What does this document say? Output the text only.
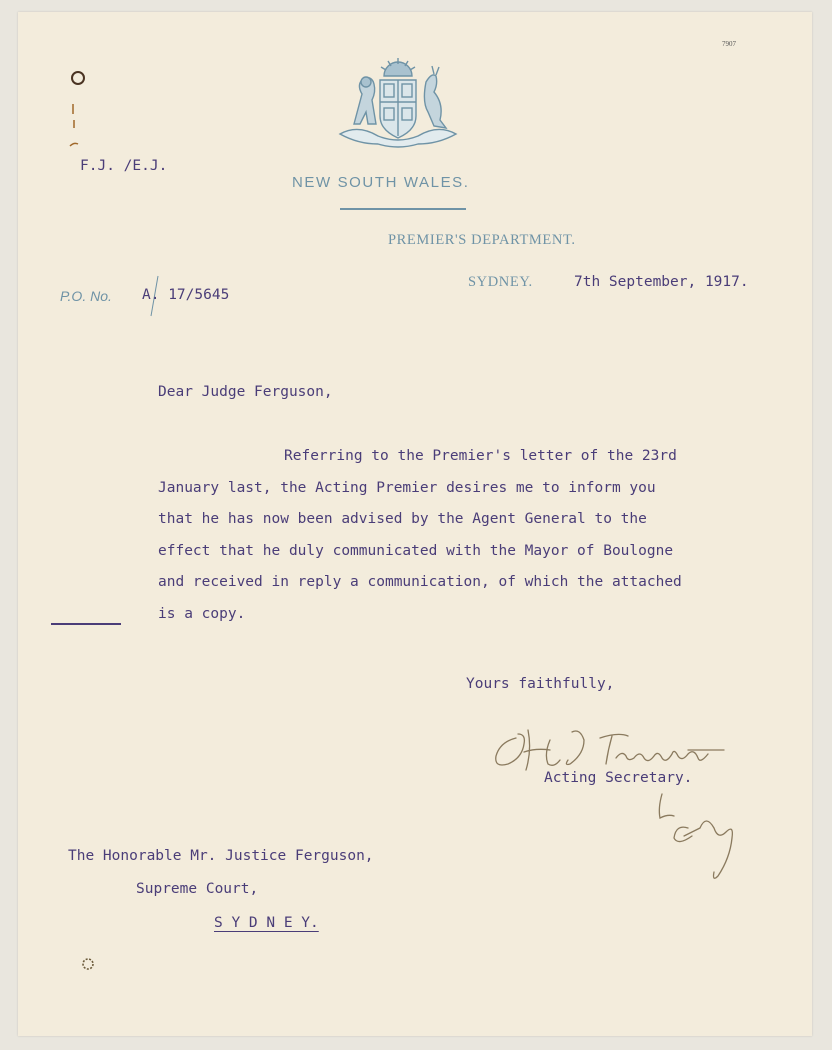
7907
NEW SOUTH WALES.
PREMIER'S DEPARTMENT.
F.J. /E.J.
SYDNEY.	7th September, 1917.
P.O. No. A. 17/5645
Dear Judge Ferguson,
Referring to the Premier's letter of the 23rd
January last, the Acting Premier desires me to inform you
that he has now been advised by the Agent General to the
effect that he duly communicated with the Mayor of Boulogne
and received in reply a communication, of which the attached
is a copy.
Yours faithfully,
Acting Secretary.
The Honorable Mr. Justice Ferguson,
Supreme Court,
S Y D N E Y.
